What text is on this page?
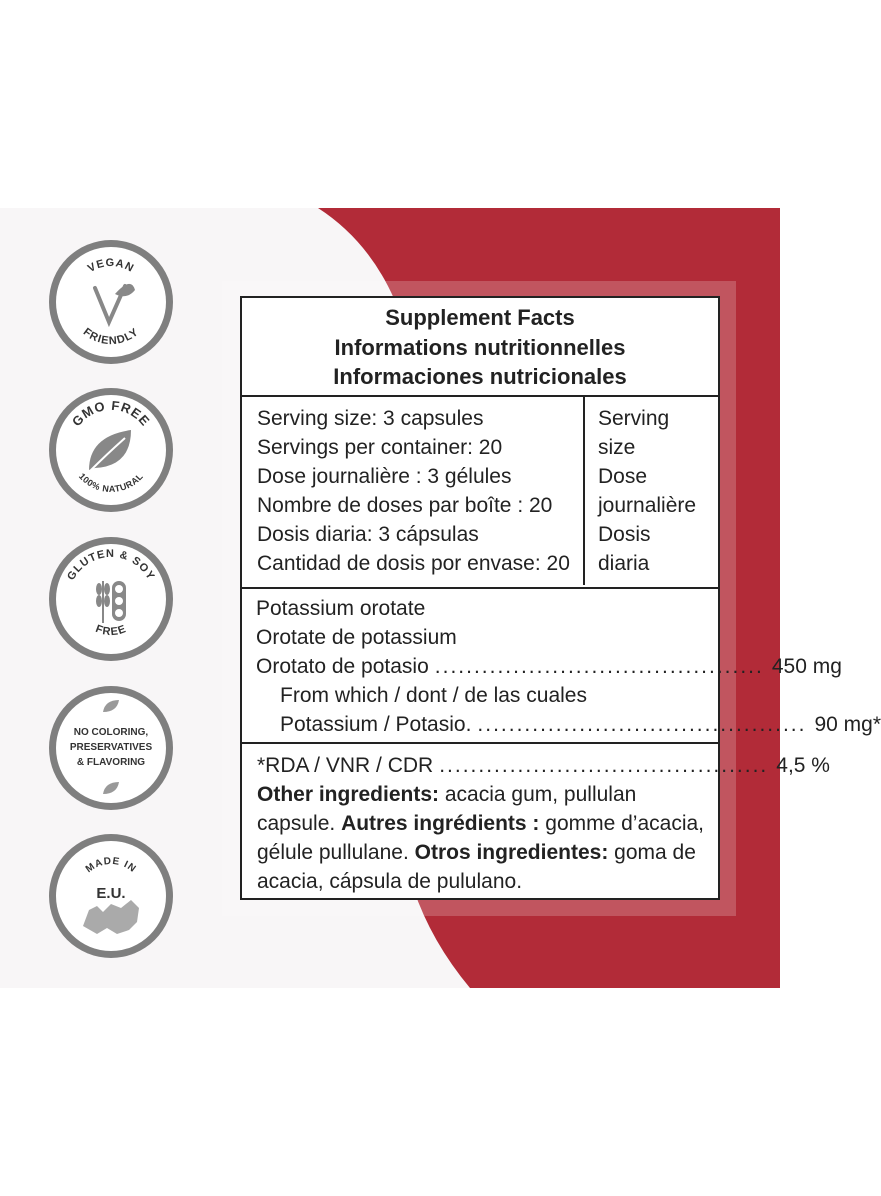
VEGAN
FRIENDLY
GMO FREE
100% NATURAL
GLUTEN & SOY
FREE
NO COLORING,
PRESERVATIVES
& FLAVORING
MADE IN
E.U.
Supplement Facts
Informations nutritionnelles
Informaciones nutricionales
Serving size: 3 capsules
Servings per container: 20
Dose journalière : 3 gélules
Nombre de doses par boîte : 20
Dosis diaria: 3 cápsulas
Cantidad de dosis por envase: 20
Serving
size
Dose
journalière
Dosis
diaria
Potassium orotate
Orotate de potassium
Orotato de potasio .......................................... 450 mg
From which / dont / de las cuales
Potassium / Potasio. .......................................... 90 mg*
*RDA / VNR / CDR .......................................... 4,5 %
Other ingredients: acacia gum, pullulan capsule. Autres ingrédients : gomme d’acacia, gélule pullulane. Otros ingredientes: goma de acacia, cápsula de pululano.
